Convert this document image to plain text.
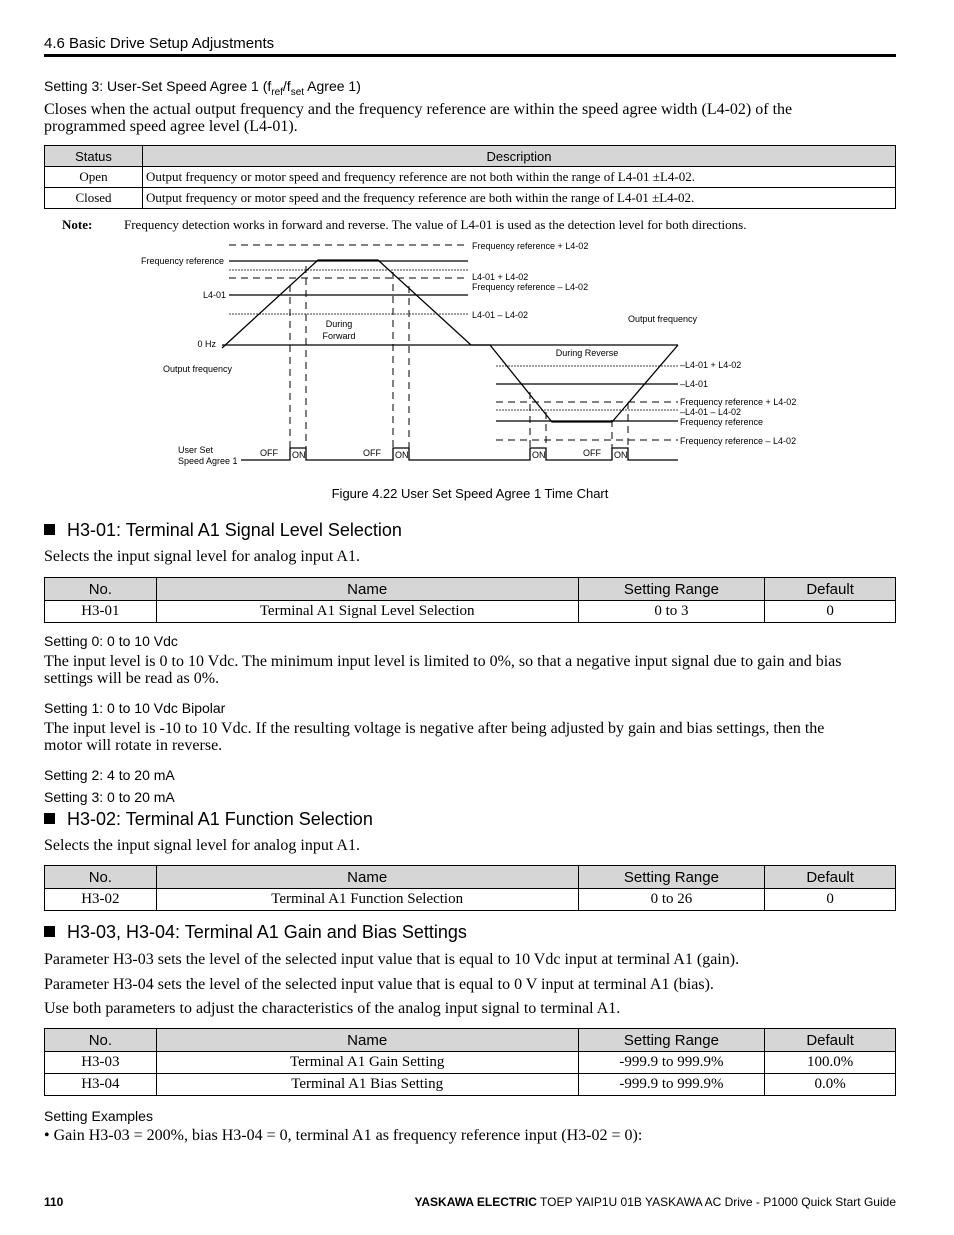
4.6 Basic Drive Setup Adjustments
Setting 3: User-Set Speed Agree 1 ($f_{ref}/f_{set}$ Agree 1)
Closes when the actual output frequency and the frequency reference are within the speed agree width (L4-02) of the
programmed speed agree level (L4-01).
Status	Description
Open	Output frequency or motor speed and frequency reference are not both within the range of L4-01 ±L4-02.
Closed	Output frequency or motor speed and the frequency reference are both within the range of L4-01 ±L4-02.
Note: Frequency detection works in forward and reverse. The value of L4-01 is used as the detection level for both directions.
Frequency reference + L4-02
Frequency reference
L4-01 + L4-02
Frequency reference – L4-02
L4-01
L4-01 – L4-02	Output frequency
During
Forward
0 Hz
Output frequency
During Reverse
–L4-01 + L4-02
–L4-01
Frequency reference + L4-02
–L4-01 – L4-02
Frequency reference
Frequency reference – L4-02
User Set
Speed Agree 1
OFF ON	OFF ON	ON	OFF ON
Figure 4.22 User Set Speed Agree 1 Time Chart
H3-01: Terminal A1 Signal Level Selection
Selects the input signal level for analog input A1.
No.	Name	Setting Range	Default
H3-01	Terminal A1 Signal Level Selection	0 to 3	0
Setting 0: 0 to 10 Vdc
The input level is 0 to 10 Vdc. The minimum input level is limited to 0%, so that a negative input signal due to gain and bias
settings will be read as 0%.
Setting 1: 0 to 10 Vdc Bipolar
The input level is -10 to 10 Vdc. If the resulting voltage is negative after being adjusted by gain and bias settings, then the
motor will rotate in reverse.
Setting 2: 4 to 20 mA
Setting 3: 0 to 20 mA
H3-02: Terminal A1 Function Selection
Selects the input signal level for analog input A1.
No.	Name	Setting Range	Default
H3-02	Terminal A1 Function Selection	0 to 26	0
H3-03, H3-04: Terminal A1 Gain and Bias Settings
Parameter H3-03 sets the level of the selected input value that is equal to 10 Vdc input at terminal A1 (gain).
Parameter H3-04 sets the level of the selected input value that is equal to 0 V input at terminal A1 (bias).
Use both parameters to adjust the characteristics of the analog input signal to terminal A1.
No.	Name	Setting Range	Default
H3-03	Terminal A1 Gain Setting	-999.9 to 999.9%	100.0%
H3-04	Terminal A1 Bias Setting	-999.9 to 999.9%	0.0%
Setting Examples
• Gain H3-03 = 200%, bias H3-04 = 0, terminal A1 as frequency reference input (H3-02 = 0):
110	YASKAWA ELECTRIC TOEP YAIP1U 01B YASKAWA AC Drive - P1000 Quick Start Guide
